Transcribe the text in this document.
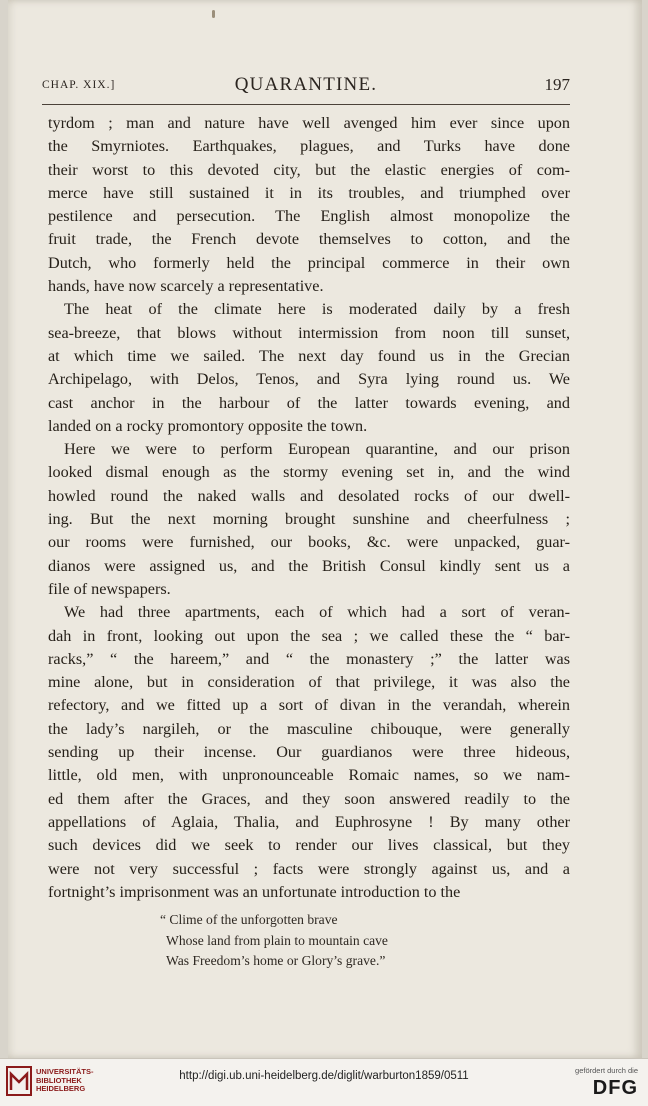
CHAP. XIX.]	QUARANTINE.	197
tyrdom ; man and nature have well avenged him ever since upon
the Smyrniotes. Earthquakes, plagues, and Turks have done
their worst to this devoted city, but the elastic energies of com-
merce have still sustained it in its troubles, and triumphed over
pestilence and persecution. The English almost monopolize the
fruit trade, the French devote themselves to cotton, and the
Dutch, who formerly held the principal commerce in their own
hands, have now scarcely a representative.
The heat of the climate here is moderated daily by a fresh
sea-breeze, that blows without intermission from noon till sunset,
at which time we sailed. The next day found us in the Grecian
Archipelago, with Delos, Tenos, and Syra lying round us. We
cast anchor in the harbour of the latter towards evening, and
landed on a rocky promontory opposite the town.
Here we were to perform European quarantine, and our prison
looked dismal enough as the stormy evening set in, and the wind
howled round the naked walls and desolated rocks of our dwell-
ing. But the next morning brought sunshine and cheerfulness ;
our rooms were furnished, our books, &c. were unpacked, guar-
dianos were assigned us, and the British Consul kindly sent us a
file of newspapers.
We had three apartments, each of which had a sort of veran-
dah in front, looking out upon the sea ; we called these the “ bar-
racks,” “ the hareem,” and “ the monastery ;” the latter was
mine alone, but in consideration of that privilege, it was also the
refectory, and we fitted up a sort of divan in the verandah, wherein
the lady’s nargileh, or the masculine chibouque, were generally
sending up their incense. Our guardianos were three hideous,
little, old men, with unpronounceable Romaic names, so we nam-
ed them after the Graces, and they soon answered readily to the
appellations of Aglaia, Thalia, and Euphrosyne ! By many other
such devices did we seek to render our lives classical, but they
were not very successful ; facts were strongly against us, and a
fortnight’s imprisonment was an unfortunate introduction to the
“ Clime of the unforgotten brave
Whose land from plain to mountain cave
Was Freedom’s home or Glory’s grave.”
UNIVERSITÄTS-
BIBLIOTHEK
HEIDELBERG
http://digi.ub.uni-heidelberg.de/diglit/warburton1859/0511	gefördert durch die
DFG
